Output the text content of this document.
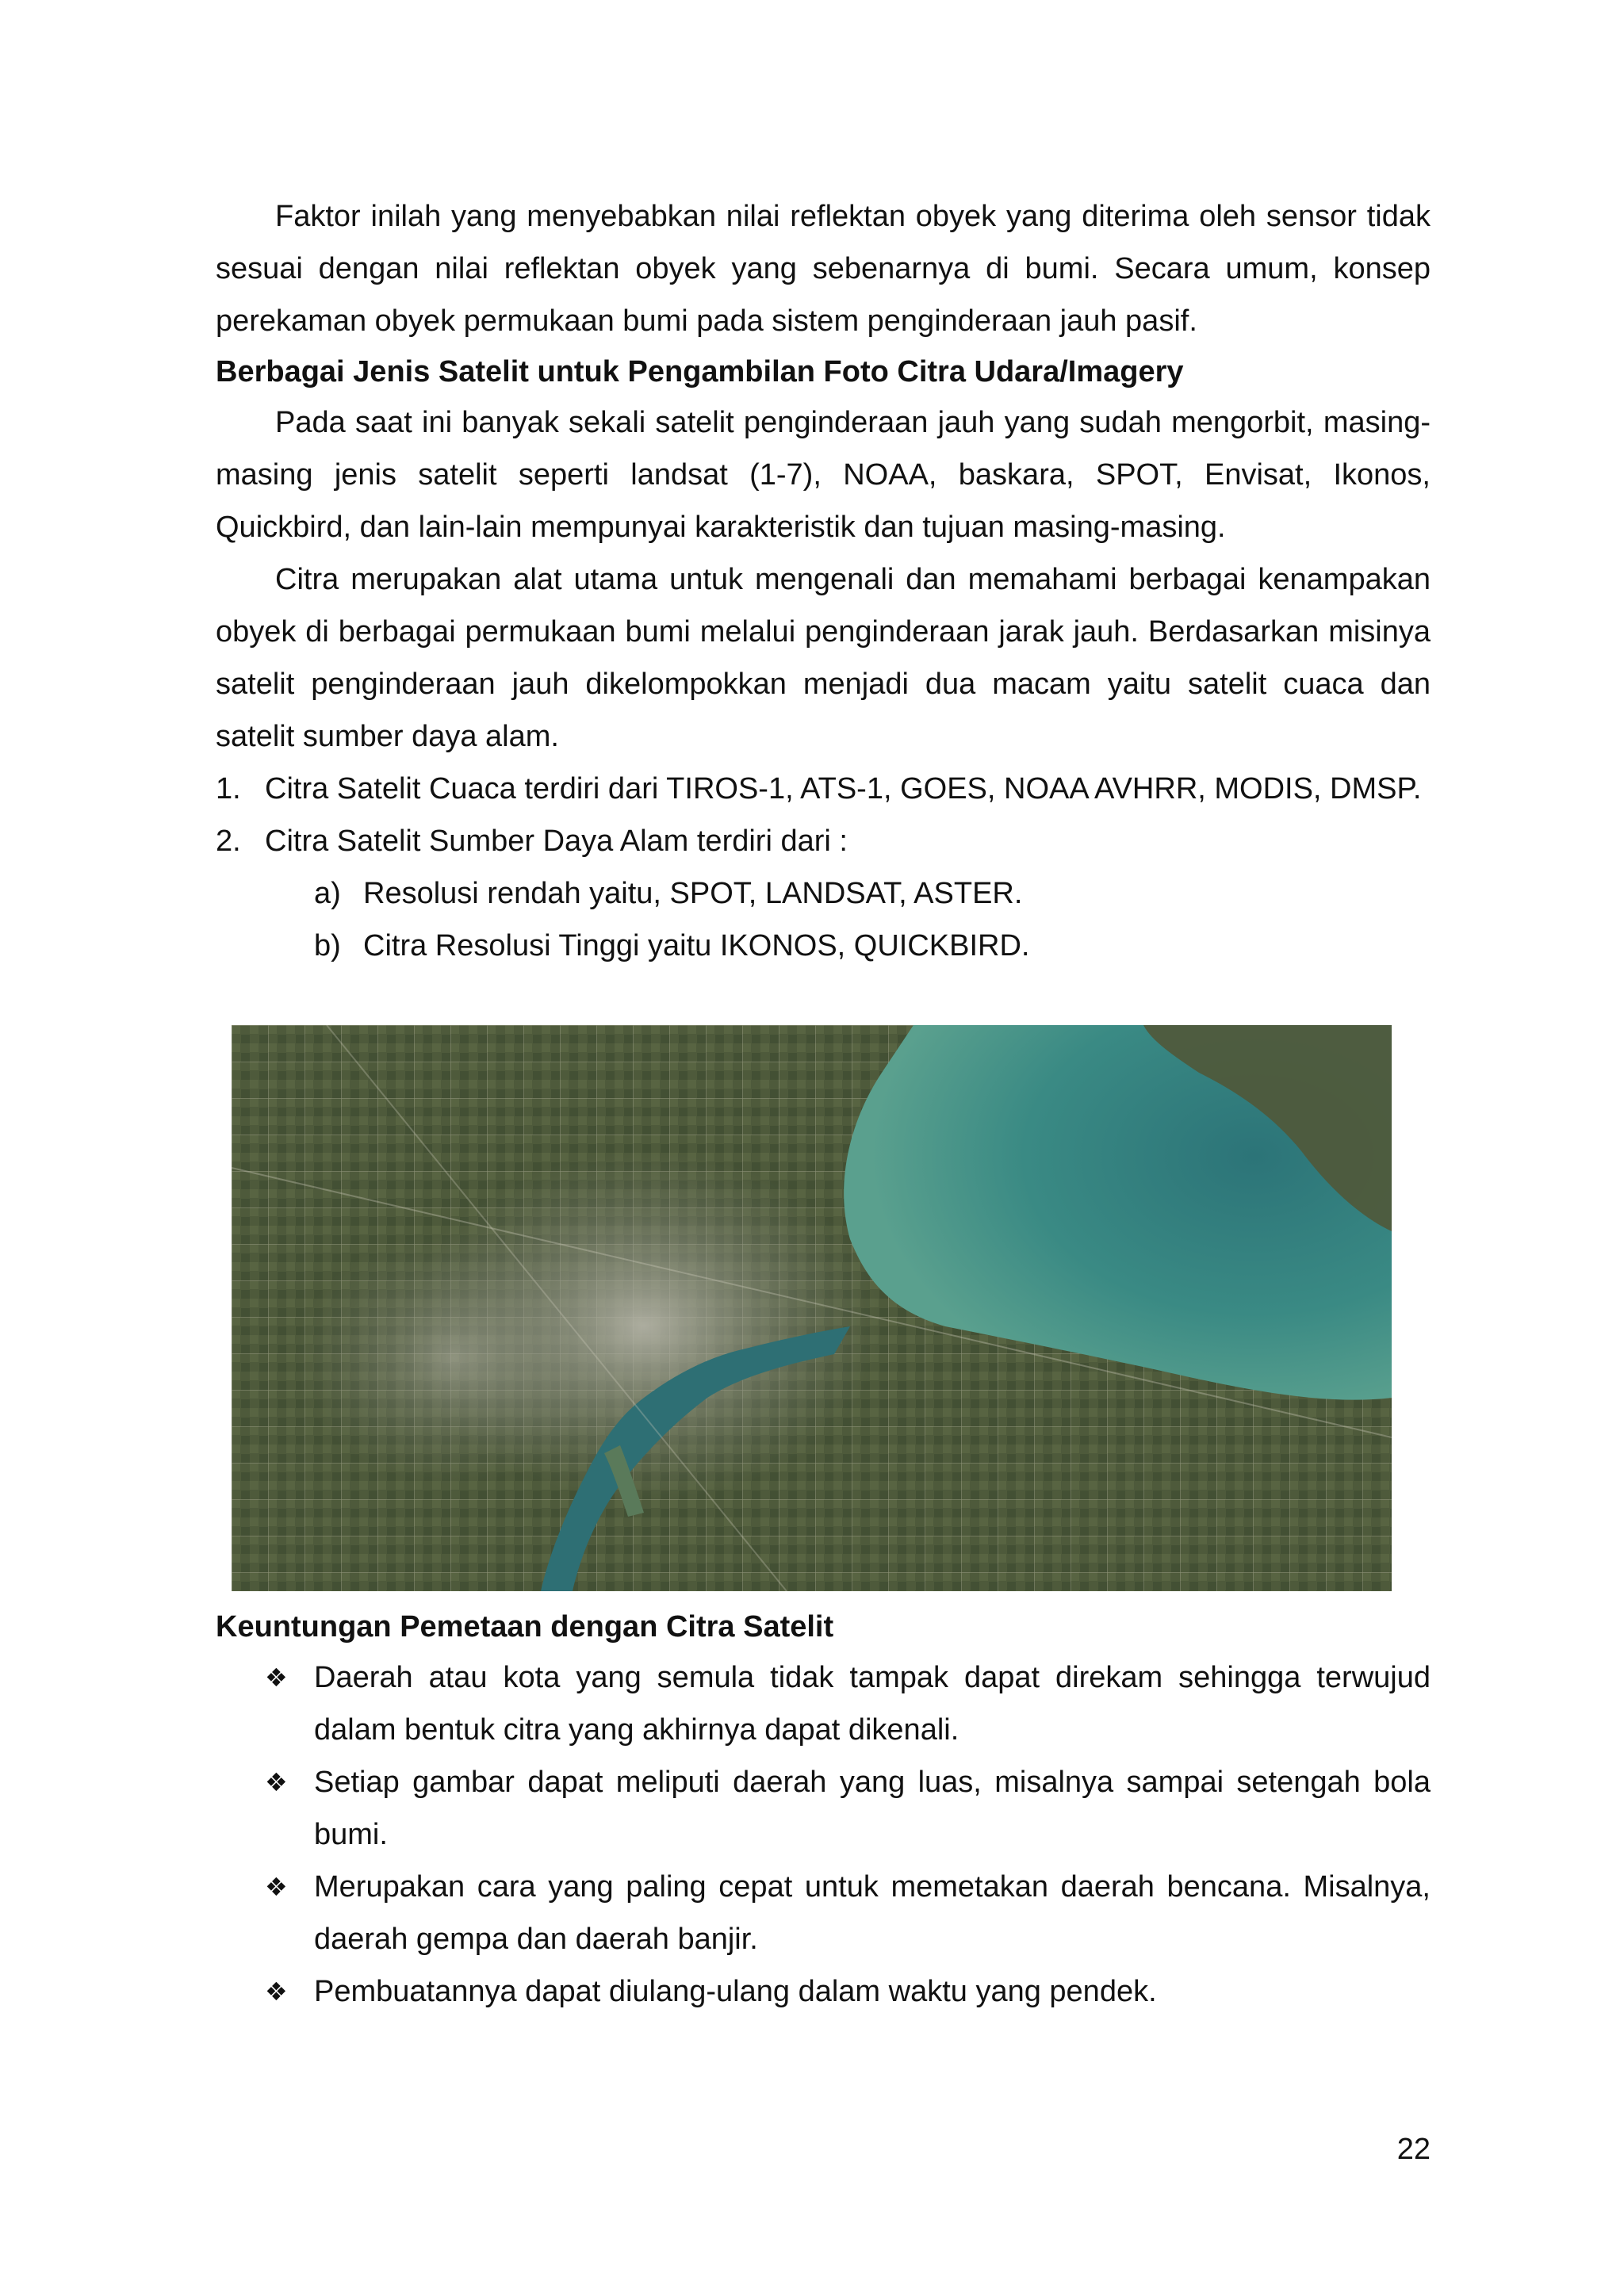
Faktor inilah yang menyebabkan nilai reflektan obyek yang diterima oleh sensor tidak sesuai dengan nilai reflektan obyek yang sebenarnya di bumi. Secara umum, konsep perekaman obyek permukaan bumi pada sistem penginderaan jauh pasif.

Berbagai Jenis Satelit untuk Pengambilan Foto Citra Udara/Imagery

Pada saat ini banyak sekali satelit penginderaan jauh yang sudah mengorbit, masing-masing jenis satelit seperti landsat (1-7), NOAA, baskara, SPOT, Envisat, Ikonos, Quickbird, dan lain-lain mempunyai karakteristik dan tujuan masing-masing.

Citra merupakan alat utama untuk mengenali dan memahami berbagai kenampakan obyek di berbagai permukaan bumi melalui penginderaan jarak jauh. Berdasarkan misinya satelit penginderaan jauh dikelompokkan menjadi dua macam yaitu satelit cuaca dan satelit sumber daya alam.

1. Citra Satelit Cuaca terdiri dari TIROS-1, ATS-1, GOES, NOAA AVHRR, MODIS, DMSP.
2. Citra Satelit Sumber Daya Alam terdiri dari :
a) Resolusi rendah yaitu, SPOT, LANDSAT, ASTER.
b) Citra Resolusi Tinggi yaitu IKONOS, QUICKBIRD.
Keuntungan Pemetaan dengan Citra Satelit
❖ Daerah atau kota yang semula tidak tampak dapat direkam sehingga terwujud dalam bentuk citra yang akhirnya dapat dikenali.
❖ Setiap gambar dapat meliputi daerah yang luas, misalnya sampai setengah bola bumi.
❖ Merupakan cara yang paling cepat untuk memetakan daerah bencana. Misalnya, daerah gempa dan daerah banjir.
❖ Pembuatannya dapat diulang-ulang dalam waktu yang pendek.
22
